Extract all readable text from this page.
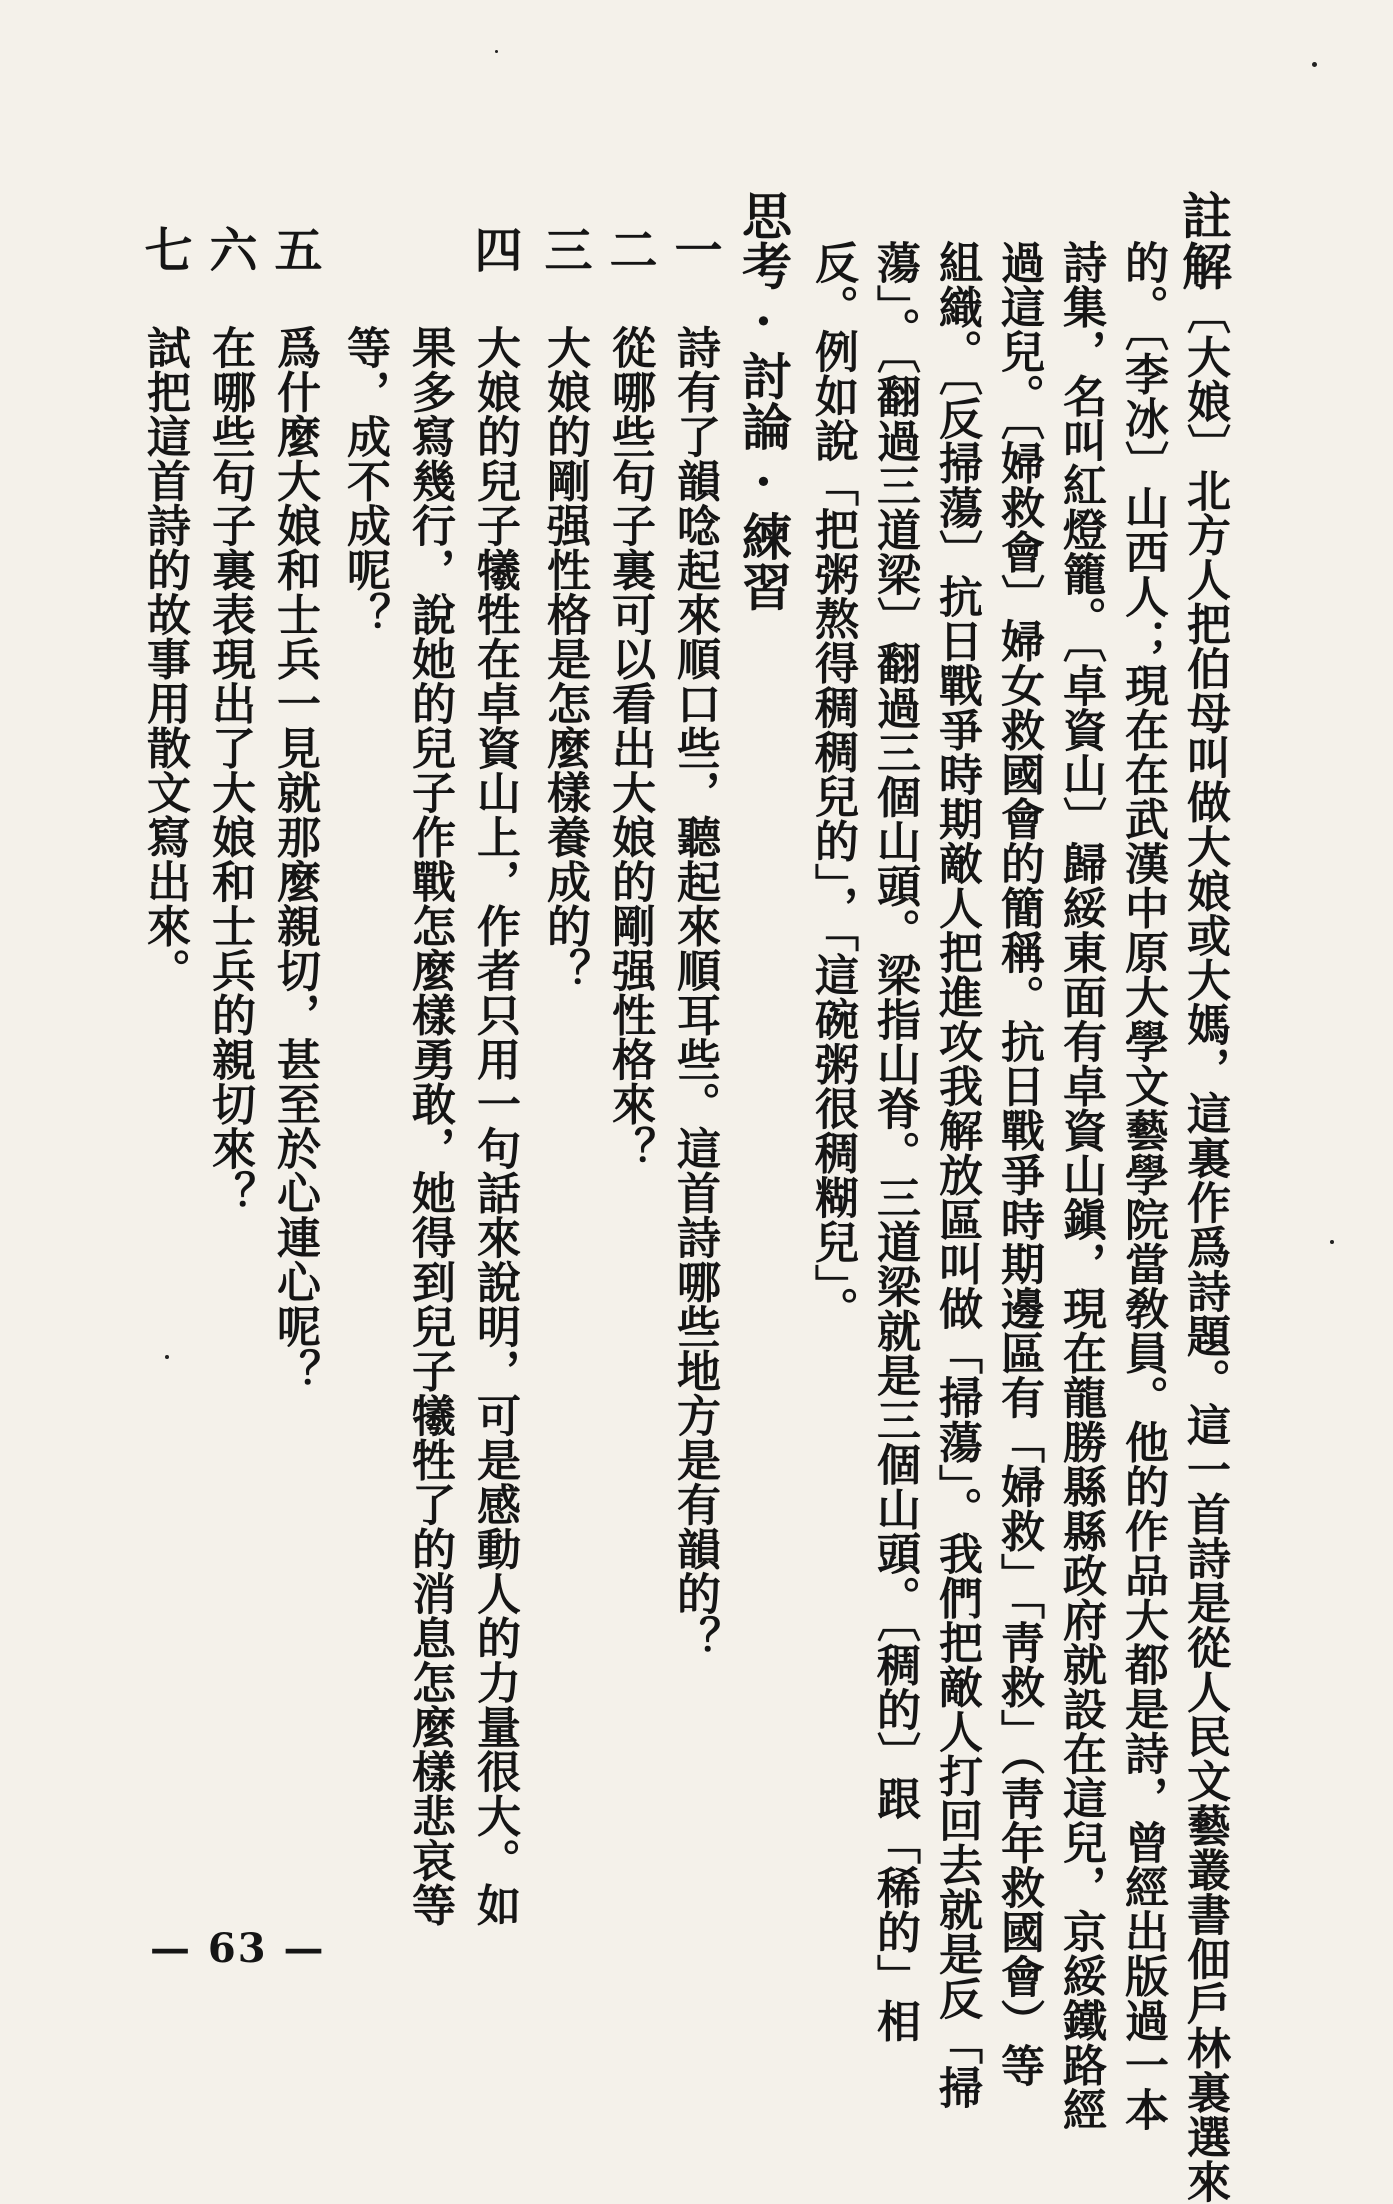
註解
〔大娘〕北方人把伯母叫做大娘或大媽，這裏作爲詩題。這一首詩是從人民文藝叢書佃戶林裏選來
的。〔李冰〕山西人；現在在武漢中原大學文藝學院當敎員。他的作品大都是詩，曾經出版過一本
詩集，名叫紅燈籠。〔卓資山〕歸綏東面有卓資山鎭，現在龍勝縣縣政府就設在這兒，京綏鐵路經
過這兒。〔婦救會〕婦女救國會的簡稱。抗日戰爭時期邊區有「婦救」「靑救」（靑年救國會）等
組織。〔反掃蕩〕抗日戰爭時期敵人把進攻我解放區叫做「掃蕩」。我們把敵人打回去就是反「掃
蕩」。〔翻過三道梁〕翻過三個山頭。梁指山脊。三道梁就是三個山頭。〔稠的〕跟「稀的」相
反。例如說「把粥熬得稠稠兒的」，「這碗粥很稠糊兒」。
思考·討論·練習
一
詩有了韻唸起來順口些，聽起來順耳些。這首詩哪些地方是有韻的？
二
從哪些句子裏可以看出大娘的剛强性格來？
三
大娘的剛强性格是怎麼樣養成的？
四
大娘的兒子犧牲在卓資山上，作者只用一句話來說明，可是感動人的力量很大。如
果多寫幾行，說她的兒子作戰怎麼樣勇敢，她得到兒子犧牲了的消息怎麼樣悲哀等
等，成不成呢？
五
爲什麼大娘和士兵一見就那麼親切，甚至於心連心呢？
六
在哪些句子裏表現出了大娘和士兵的親切來？
七
試把這首詩的故事用散文寫出來。
— 63 —
